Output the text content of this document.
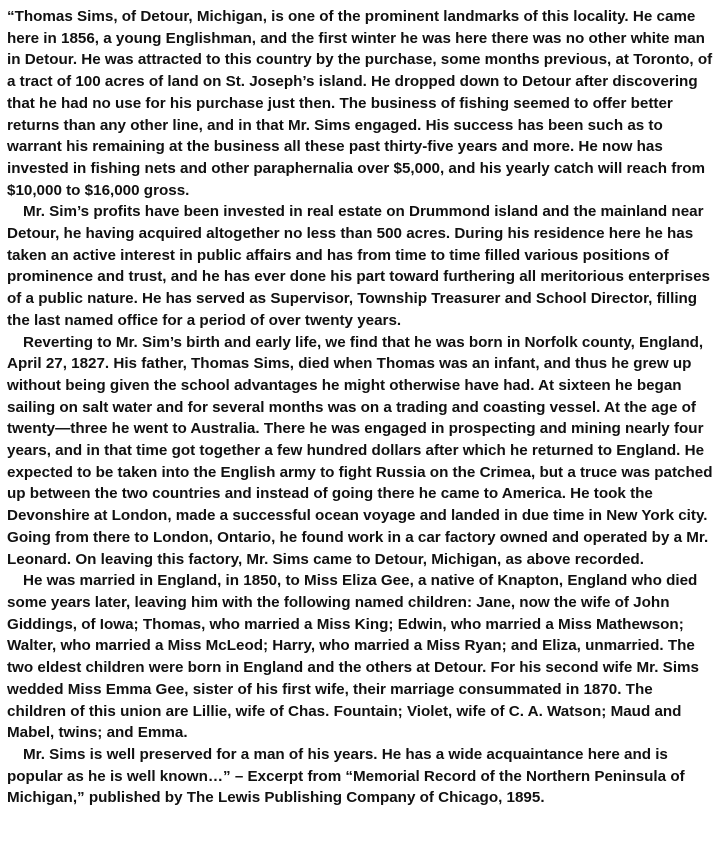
“Thomas Sims, of Detour, Michigan, is one of the prominent landmarks of this locality. He came here in 1856, a young Englishman, and the first winter he was here there was no other white man in Detour. He was attracted to this country by the purchase, some months previous, at Toronto, of a tract of 100 acres of land on St. Joseph’s island. He dropped down to Detour after discovering that he had no use for his purchase just then. The business of fishing seemed to offer better returns than any other line, and in that Mr. Sims engaged. His success has been such as to warrant his remaining at the business all these past thirty-five years and more. He now has invested in fishing nets and other paraphernalia over $5,000, and his yearly catch will reach from $10,000 to $16,000 gross.

Mr. Sim’s profits have been invested in real estate on Drummond island and the mainland near Detour, he having acquired altogether no less than 500 acres. During his residence here he has taken an active interest in public affairs and has from time to time filled various positions of prominence and trust, and he has ever done his part toward furthering all meritorious enterprises of a public nature. He has served as Supervisor, Township Treasurer and School Director, filling the last named office for a period of over twenty years.

Reverting to Mr. Sim’s birth and early life, we find that he was born in Norfolk county, England, April 27, 1827. His father, Thomas Sims, died when Thomas was an infant, and thus he grew up without being given the school advantages he might otherwise have had. At sixteen he began sailing on salt water and for several months was on a trading and coasting vessel. At the age of twenty—three he went to Australia. There he was engaged in prospecting and mining nearly four years, and in that time got together a few hundred dollars after which he returned to England. He expected to be taken into the English army to fight Russia on the Crimea, but a truce was patched up between the two countries and instead of going there he came to America. He took the Devonshire at London, made a successful ocean voyage and landed in due time in New York city. Going from there to London, Ontario, he found work in a car factory owned and operated by a Mr. Leonard. On leaving this factory, Mr. Sims came to Detour, Michigan, as above recorded.

He was married in England, in 1850, to Miss Eliza Gee, a native of Knapton, England who died some years later, leaving him with the following named children: Jane, now the wife of John Giddings, of Iowa; Thomas, who married a Miss King; Edwin, who married a Miss Mathewson; Walter, who married a Miss McLeod; Harry, who married a Miss Ryan; and Eliza, unmarried. The two eldest children were born in England and the others at Detour. For his second wife Mr. Sims wedded Miss Emma Gee, sister of his first wife, their marriage consummated in 1870. The children of this union are Lillie, wife of Chas. Fountain; Violet, wife of C. A. Watson; Maud and Mabel, twins; and Emma.

Mr. Sims is well preserved for a man of his years. He has a wide acquaintance here and is popular as he is well known…” – Excerpt from “Memorial Record of the Northern Peninsula of Michigan,” published by The Lewis Publishing Company of Chicago, 1895.
